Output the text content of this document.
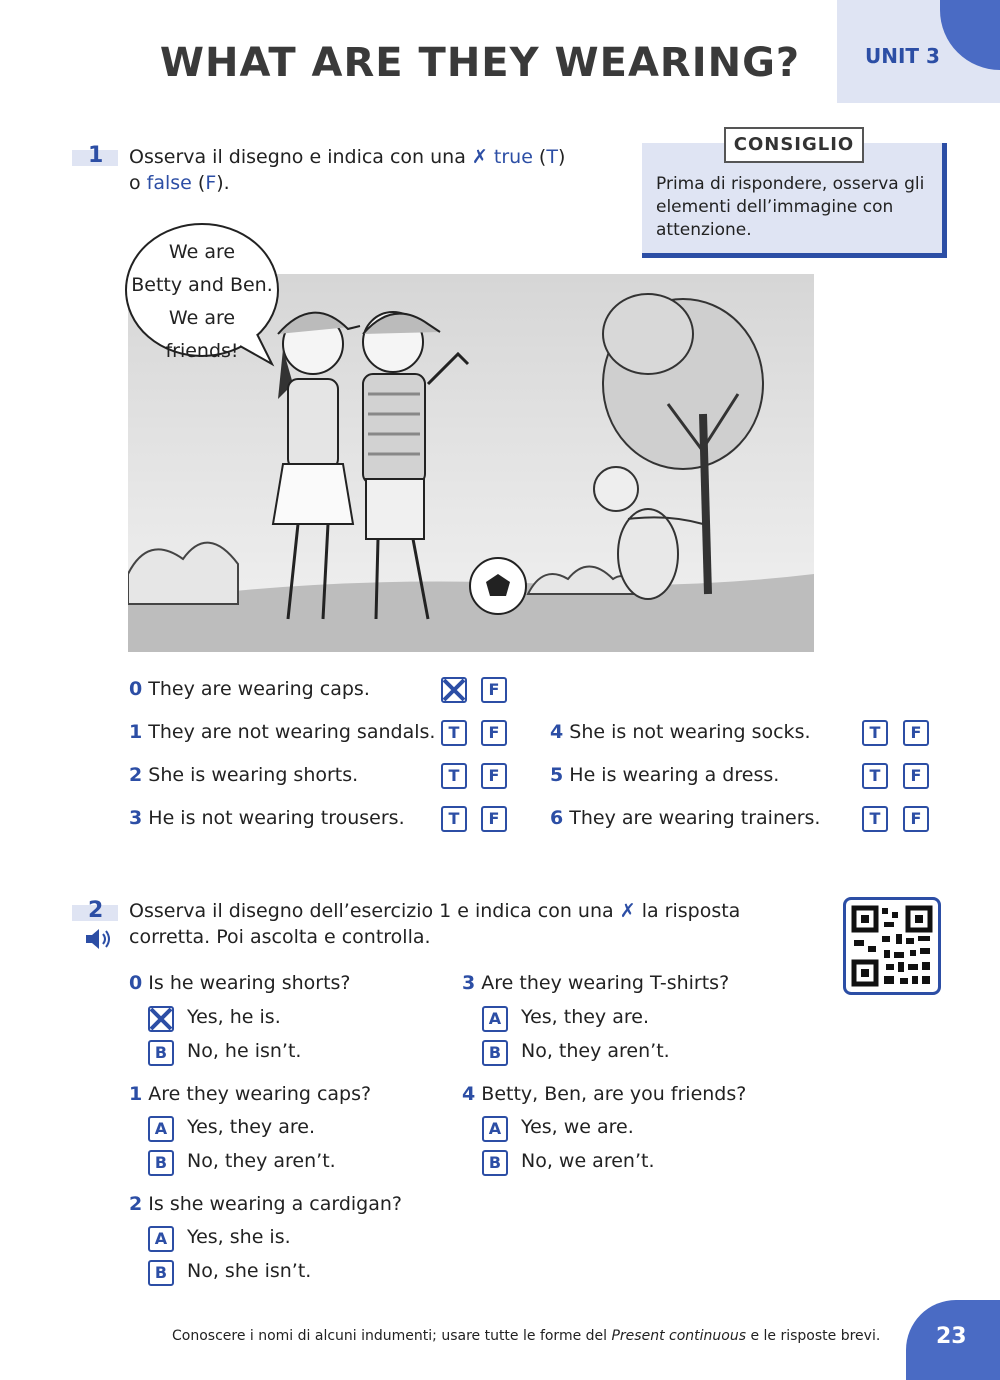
WHAT ARE THEY WEARING?	UNIT 3
1 Osserva il disegno e indica con una ✗ true (T)
o false (F).	Prima di rispondere, osserva gli elementi dell’immagine con attenzione.
CONSIGLIO
We are
Betty and Ben.
We are
friends!
0 They are wearing caps.	F
1 They are not wearing sandals. T	F
2 She is wearing shorts.	T	F
3 He is not wearing trousers.	T	F
4 She is not wearing socks.	T	F
5 He is wearing a dress.	T	F
6 They are wearing trainers.	T	F
2 Osserva il disegno dell’esercizio 1 e indica con una ✗ la risposta
corretta. Poi ascolta e controlla.
0 Is he wearing shorts?
Yes, he is.
B	No, he isn’t.
1 Are they wearing caps?
A	Yes, they are.
B	No, they aren’t.
2 Is she wearing a cardigan?
A	Yes, she is.
B	No, she isn’t.
3 Are they wearing T-shirts?
A	Yes, they are.
B	No, they aren’t.
4 Betty, Ben, are you friends?
A	Yes, we are.
B	No, we aren’t.
Conoscere i nomi di alcuni indumenti; usare tutte le forme del Present continuous e le risposte brevi.	23
